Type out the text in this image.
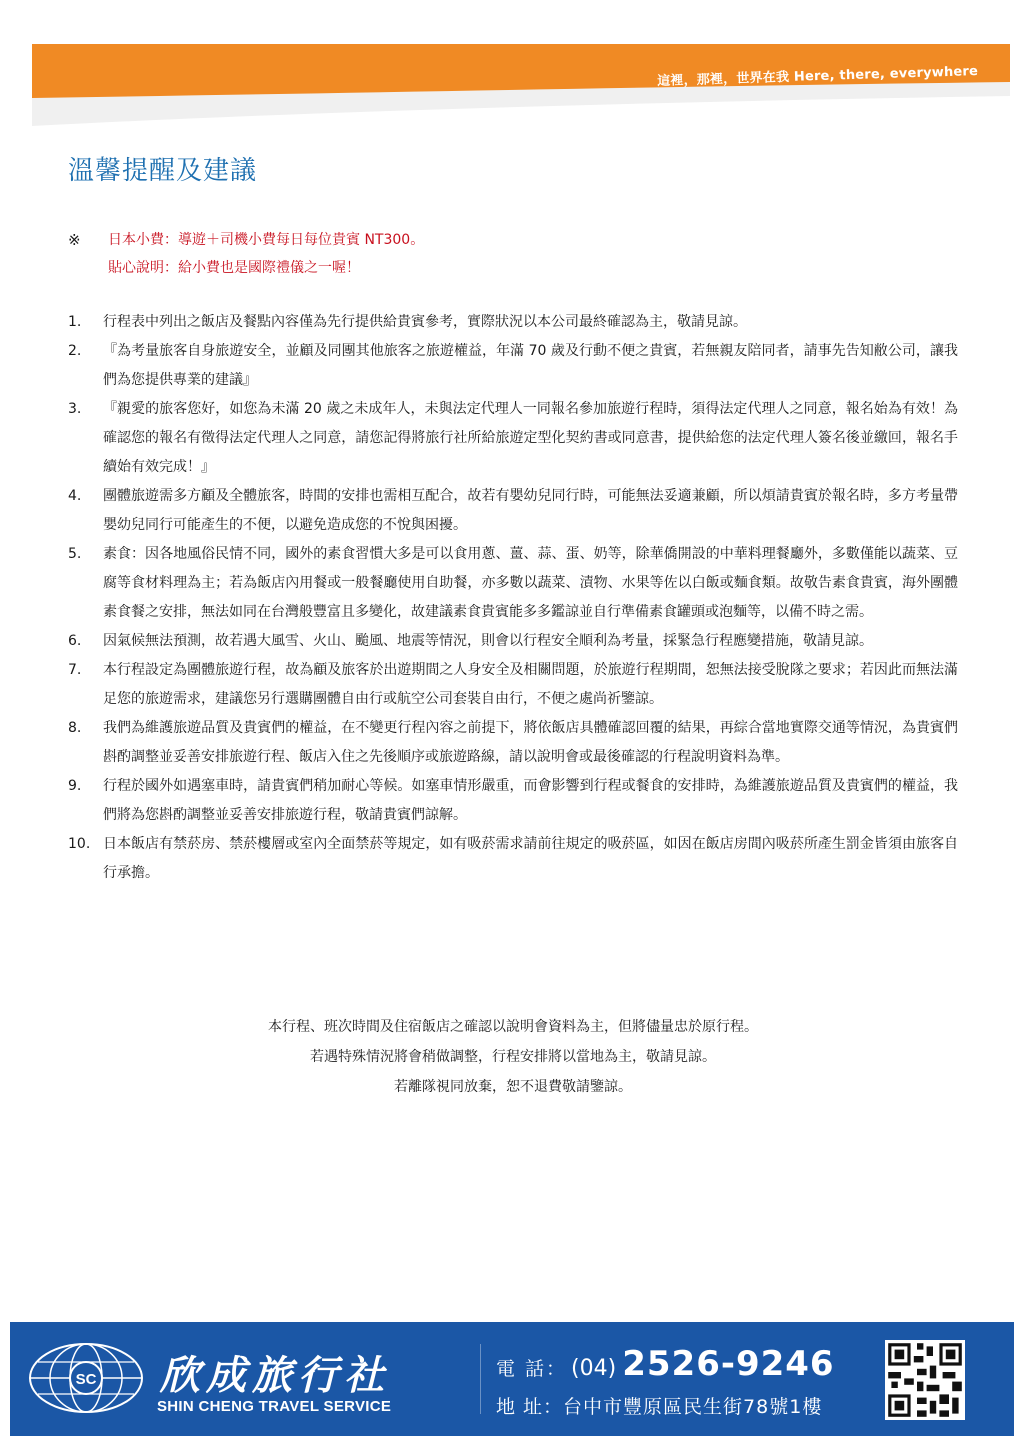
這裡，那裡，世界在我 Here, there, everywhere
溫馨提醒及建議
※	日本小費：導遊＋司機小費每日每位貴賓 NT300。
貼心說明：給小費也是國際禮儀之一喔！
1.	行程表中列出之飯店及餐點內容僅為先行提供給貴賓參考，實際狀況以本公司最終確認為主，敬請見諒。
2.	『為考量旅客自身旅遊安全，並顧及同團其他旅客之旅遊權益，年滿 70 歲及行動不便之貴賓，若無親友陪同者，請事先告知敝公司，讓我們為您提供專業的建議』
3.	『親愛的旅客您好，如您為未滿 20 歲之未成年人，未與法定代理人一同報名參加旅遊行程時，須得法定代理人之同意，報名始為有效！為確認您的報名有徵得法定代理人之同意，請您記得將旅行社所給旅遊定型化契約書或同意書，提供給您的法定代理人簽名後並繳回，報名手續始有效完成！』
4.	團體旅遊需多方顧及全體旅客，時間的安排也需相互配合，故若有嬰幼兒同行時，可能無法妥適兼顧，所以煩請貴賓於報名時，多方考量帶嬰幼兒同行可能產生的不便，以避免造成您的不悅與困擾。
5.	素食：因各地風俗民情不同，國外的素食習慣大多是可以食用蔥、薑、蒜、蛋、奶等，除華僑開設的中華料理餐廳外，多數僅能以蔬菜、豆腐等食材料理為主；若為飯店內用餐或一般餐廳使用自助餐，亦多數以蔬菜、漬物、水果等佐以白飯或麵食類。故敬告素食貴賓，海外團體素食餐之安排，無法如同在台灣般豐富且多變化，故建議素食貴賓能多多鑑諒並自行準備素食罐頭或泡麵等，以備不時之需。
6.	因氣候無法預測，故若遇大風雪、火山、颱風、地震等情況，則會以行程安全順利為考量，採緊急行程應變措施，敬請見諒。
7.	本行程設定為團體旅遊行程，故為顧及旅客於出遊期間之人身安全及相關問題，於旅遊行程期間，恕無法接受脫隊之要求；若因此而無法滿足您的旅遊需求，建議您另行選購團體自由行或航空公司套裝自由行，不便之處尚祈鑒諒。
8.	我們為維護旅遊品質及貴賓們的權益，在不變更行程內容之前提下，將依飯店具體確認回覆的結果，再綜合當地實際交通等情況，為貴賓們斟酌調整並妥善安排旅遊行程、飯店入住之先後順序或旅遊路線，請以說明會或最後確認的行程說明資料為準。
9.	行程於國外如遇塞車時，請貴賓們稍加耐心等候。如塞車情形嚴重，而會影響到行程或餐食的安排時，為維護旅遊品質及貴賓們的權益，我們將為您斟酌調整並妥善安排旅遊行程，敬請貴賓們諒解。
10. 日本飯店有禁菸房、禁菸樓層或室內全面禁菸等規定，如有吸菸需求請前往規定的吸菸區，如因在飯店房間內吸菸所產生罰金皆須由旅客自行承擔。

本行程、班次時間及住宿飯店之確認以說明會資料為主，但將儘量忠於原行程。

若遇特殊情況將會稍做調整，行程安排將以當地為主，敬請見諒。

若離隊視同放棄，恕不退費敬請鑒諒。

SC 欣成旅行社
SHIN CHENG TRAVEL SERVICE
電 話： (04) 2526-9246
地 址：台中市豐原區民生街78號1樓
